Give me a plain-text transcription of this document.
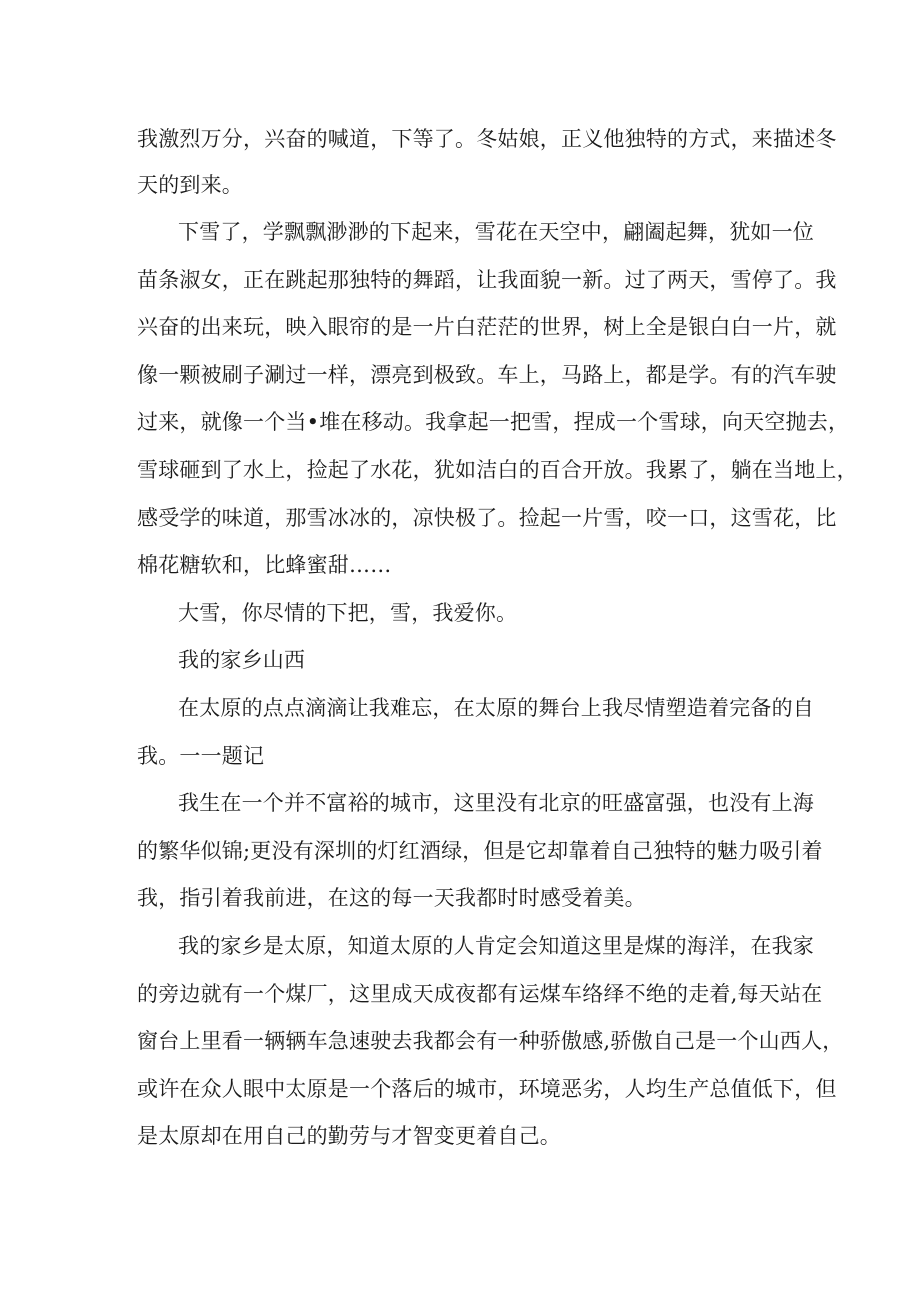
我激烈万分，兴奋的喊道，下等了。冬姑娘，正义他独特的方式，来描述冬
天的到来。
下雪了，学飘飘渺渺的下起来，雪花在天空中，翩阖起舞，犹如一位
苗条淑女，正在跳起那独特的舞蹈，让我面貌一新。过了两天，雪停了。我
兴奋的出来玩，映入眼帘的是一片白茫茫的世界，树上全是银白白一片，就
像一颗被刷子涮过一样，漂亮到极致。车上，马路上，都是学。有的汽车驶
过来，就像一个当•堆在移动。我拿起一把雪，捏成一个雪球，向天空抛去，
雪球砸到了水上，捡起了水花，犹如洁白的百合开放。我累了，躺在当地上，
感受学的味道，那雪冰冰的，凉快极了。捡起一片雪，咬一口，这雪花，比
棉花糖软和，比蜂蜜甜……
大雪，你尽情的下把，雪，我爱你。
我的家乡山西
在太原的点点滴滴让我难忘，在太原的舞台上我尽情塑造着完备的自
我。一一题记
我生在一个并不富裕的城市，这里没有北京的旺盛富强，也没有上海
的繁华似锦;更没有深圳的灯红酒绿，但是它却靠着自己独特的魅力吸引着
我，指引着我前进，在这的每一天我都时时感受着美。
我的家乡是太原，知道太原的人肯定会知道这里是煤的海洋，在我家
的旁边就有一个煤厂，这里成天成夜都有运煤车络绎不绝的走着,每天站在
窗台上里看一辆辆车急速驶去我都会有一种骄傲感,骄傲自己是一个山西人，
或许在众人眼中太原是一个落后的城市，环境恶劣，人均生产总值低下，但
是太原却在用自己的勤劳与才智变更着自己。
